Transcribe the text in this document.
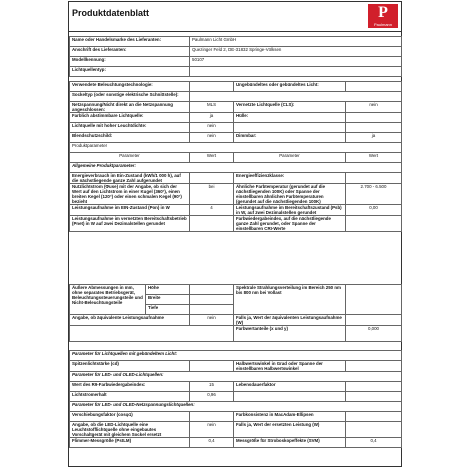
Produktdatenblatt	P
Paulmann
Name oder Handelsmarke des Lieferanten:	Paulmann Licht GmbH		
Anschrift des Lieferanten:	Quezinger Feld 2, DE-31832 Springe-Völksen		
Modellkennung:	50107		
Lichtquellentyp:			

Verwendete Beleuchtungstechnologie:		Ungebündeltes oder gebündeltes Licht:	
Sockeltyp (oder sonstige elektrische Schnittstelle):			
Netzspannung/Nicht direkt an die Netzspannung angeschlossen:	MLS	Vernetzte Lichtquelle (CLS):	nein
Farblich abstimmbare Lichtquelle:	ja	Hülle:	
Lichtquelle mit hoher Leuchtdichte:	nein		
Blendschutzschild:	nein	Dimmbar:	ja
Produktparameter			
Parameter	Wert	Parameter	Wert
Allgemeine Produktparameter:			
Energieverbrauch im Ein-Zustand (kWh/1 000 h), auf die nächstliegende ganze Zahl aufgerundet		Energieeffizienzklasse:	
Nutzlichtstrom (Φuse) mit der Angabe, ob sich der Wert auf den Lichtstrom in einer Kugel (360°), einen breiten Kegel (120°) oder einen schmalen Kegel (90°) bezieht	bei	Ähnliche Farbtemperatur (gerundet auf die nächstliegenden 100K) oder Spanne der einstellbaren ähnlichen Farbtemperaturen (gerundet auf die nächstliegenden 100K)	2.700 - 6.500
Leistungsaufnahme im EIN-Zustand (Pon) in W	4	Leistungsaufnahme im Bereitschaftszustand (Psb) in W, auf zwei Dezimalstellen gerundet	0,00
Leistungsaufnahme im vernetzten Bereitschaftsbetrieb (Pnet) in W auf zwei Dezimalstellen gerundet		Farbwiedergabeindex, auf die nächstliegende ganze Zahl gerundet, oder Spanne der einstellbaren CRI-Werte	
Äußere Abmessungen in mm, ohne separates Betriebsgerät, Beleuchtungssteuerungsteile und Nicht-Beleuchtungsteile	Höhe		Spektrale Strahlungsverteilung im Bereich 250 nm bis 800 nm bei Vollast	
	Breite			
	Tiefe			
Angabe, ob äquivalente Leistungsaufnahme		nein	Falls ja, Wert der äquivalenten Leistungsaufnahme (W)	
			Farbwertanteile (x und y)	0,000
Parameter für Lichtquellen mit gebündeltem Licht:			
Spitzenlichtstärke (cd)		Halbwertswinkel in Grad oder Spanne der einstellbaren Halbwertswinkel	
Parameter für LED- und OLED-Lichtquellen:			
Wert des R9-Farbwiedergabeindex:	15	Lebensdauerfaktor	
Lichtstromerhalt	0,96		
Parameter für LED- und OLED-Netzspannungslichtquellen:			
Verschiebungsfaktor (cosφ1)		Farbkonsistenz in MacAdam-Ellipsen	
Angabe, ob die LED-Lichtquelle eine Leuchtstofflichtquelle ohne eingebautes Vorschaltgerät mit gleichem Sockel ersetzt	nein	Falls ja, Wert der ersetzten Leistung (W)	
Flimmer-Messgröße (PstLM)	0,4	Messgröße für Stroboskopeffekte (SVM)	0,4
